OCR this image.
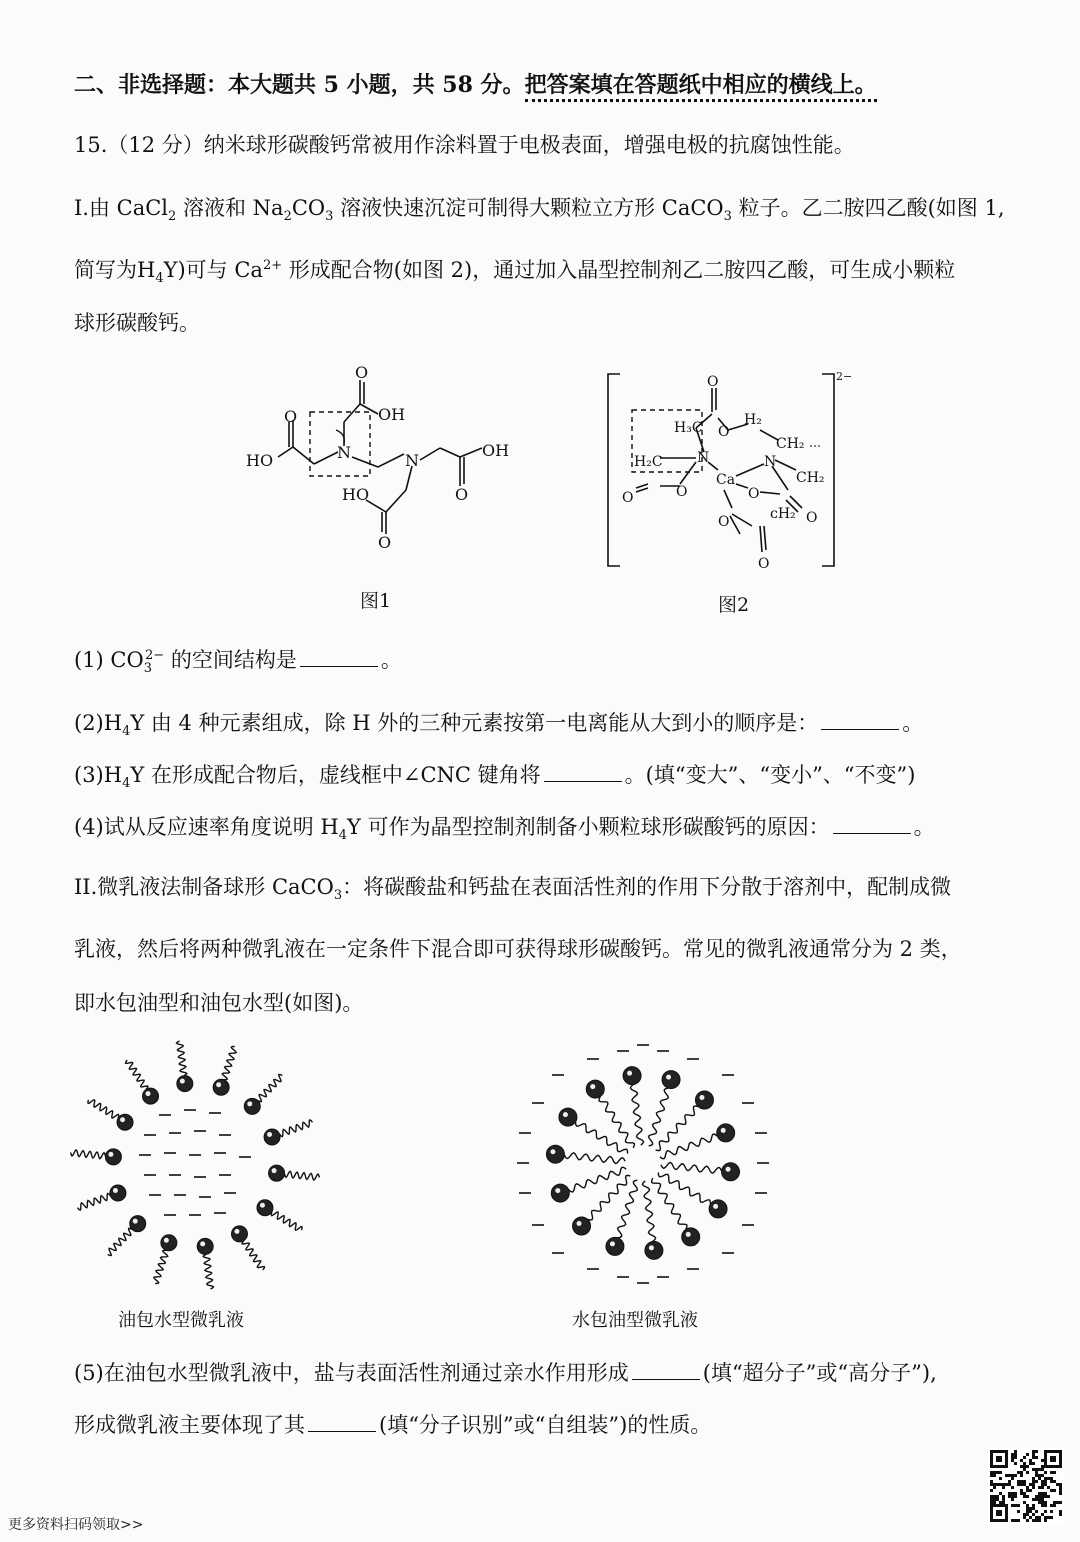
二、非选择题：本大题共 5 小题，共 58 分。把答案填在答题纸中相应的横线上。
15.（12 分）纳米球形碳酸钙常被用作涂料置于电极表面，增强电极的抗腐蚀性能。
I.由 CaCl$_2$ 溶液和 $Na_2CO_3$ 溶液快速沉淀可制得大颗粒立方形 CaCO$_3$ 粒子。乙二胺四乙酸(如图 1,
简写为$H_4Y$)可与 $Ca^{2+}$ 形成配合物(如图 2)，通过加入晶型控制剂乙二胺四乙酸，可生成小颗粒
球形碳酸钙。
O
OH
O
HO	N	N
OH
O
HO
O
图1
2−
O
H₂
H₃C O
CH₂
H₂C N	N
Ca	CH₂
O	O	O
ᴄH₂ O
O
O
图2
(1) $CO_3^{2-}$ 的空间结构是	。
$(2)H_4Y$ 由 4 种元素组成，除 H 外的三种元素按第一电离能从大到小的顺序是：	。
$(3)H_4Y$ 在形成配合物后，虚线框中∠CNC 键角将	。(填“变大”、“变小”、“不变”)
(4)试从反应速率角度说明 $H_4Y$ 可作为晶型控制剂制备小颗粒球形碳酸钙的原因：	。
II.微乳液法制备球形 CaCO$_3$：将碳酸盐和钙盐在表面活性剂的作用下分散于溶剂中，配制成微
乳液，然后将两种微乳液在一定条件下混合即可获得球形碳酸钙。常见的微乳液通常分为 2 类，
即水包油型和油包水型(如图)。
油包水型微乳液	水包油型微乳液
(5)在油包水型微乳液中，盐与表面活性剂通过亲水作用形成	(填“超分子”或“高分子”),
形成微乳液主要体现了其	(填“分子识别”或“自组装”)的性质。
更多资料扫码领取>>
